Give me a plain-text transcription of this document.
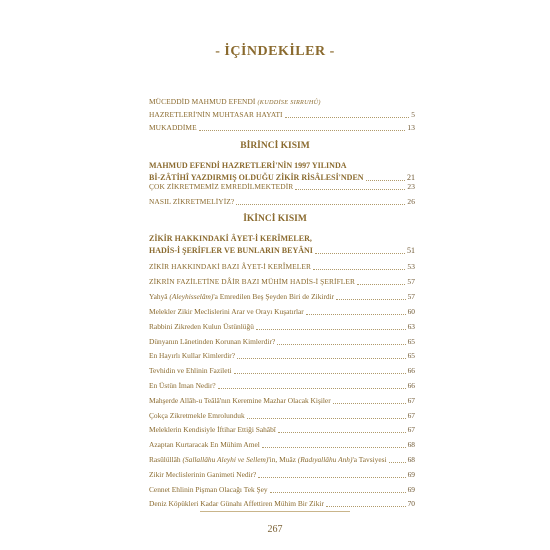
- İÇİNDEKİLER -
MÜCEDDİD MAHMUD EFENDİ (KUDDİSE SIRRUHÛ)
HAZRETLERİ'NİN MUHTASAR HAYATI	5
MUKADDİME	13
BİRİNCİ KISIM
MAHMUD EFENDİ HAZRETLERİ'NİN 1997 YILINDA
Bİ-ZÂTİHÎ YAZDIRMIŞ OLDUĞU ZİKİR RİSÂLESİ'NDEN	21
ÇOK ZİKRETMEMİZ EMREDİLMEKTEDİR	23
NASIL ZİKRETMELİYİZ?	26
İKİNCİ KISIM
ZİKİR HAKKINDAKİ ÂYET-İ KERÎMELER,
HADİS-İ ŞERİFLER VE BUNLARIN BEYÂNI	51
ZİKİR HAKKINDAKİ BAZI ÂYET-İ KERÎMELER	53
ZİKRİN FAZİLETİNE DÂİR BAZI MÜHİM HADİS-İ ŞERİFLER	57
Yahyâ (Aleyhisselâm)'a Emredilen Beş Şeyden Biri de Zikirdir	57
Melekler Zikir Meclislerini Arar ve Orayı Kuşatırlar	60
Rabbini Zikreden Kulun Üstünlüğü	63
Dünyanın Lânetinden Korunan Kimlerdir?	65
En Hayırlı Kullar Kimlerdir?	65
Tevhidin ve Ehlinin Fazileti	66
En Üstün İman Nedir?	66
Mahşerde Allâh-u Teâlâ'nın Keremine Mazhar Olacak Kişiler	67
Çokça Zikretmekle Emrolunduk	67
Meleklerin Kendisiyle İftihar Ettiği Sahâbî	67
Azaptan Kurtaracak En Mühim Amel	68
Rasûlüllâh (Sallallâhu Aleyhi ve Sellem)'in, Muâz (Radıyallâhu Anh)'a Tavsiyesi	68
Zikir Meclislerinin Ganimeti Nedir?	69
Cennet Ehlinin Pişman Olacağı Tek Şey	69
Deniz Köpükleri Kadar Günahı Affettiren Mühim Bir Zikir	70
267
